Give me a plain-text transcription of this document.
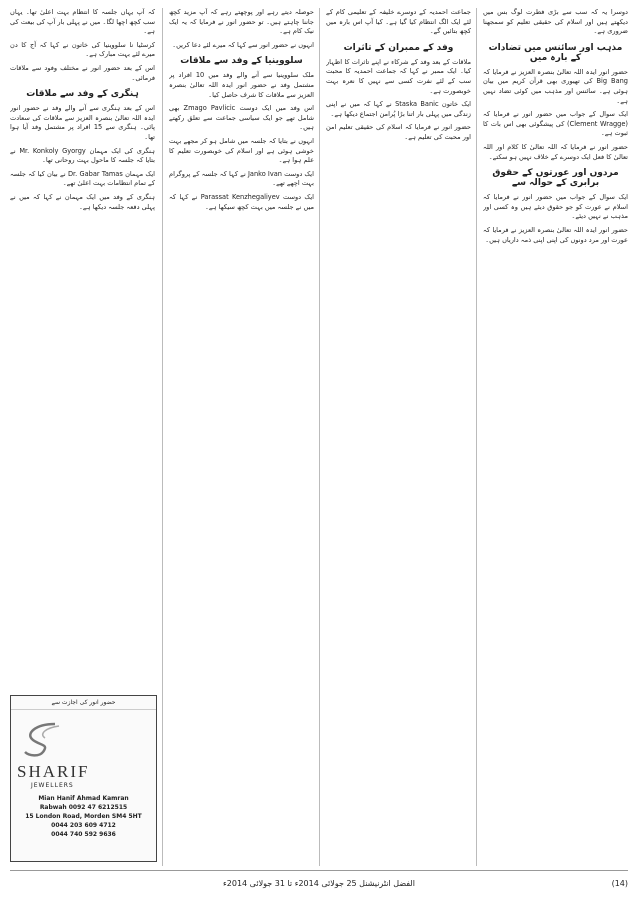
دوسرا یہ کہ سب سے بڑی فطرت لوگ بس میں دیکھتے ہیں اور اسلام کی حقیقی تعلیم کو سمجھنا ضروری ہے۔

مذہب اور سائنس میں تضادات کے بارہ میں

حضور انور ایدہ اللہ تعالیٰ بنصرہ العزیز نے فرمایا کہ Big Bang کی تھیوری بھی قرآن کریم میں بیان ہوئی ہے۔ سائنس اور مذہب میں کوئی تضاد نہیں ہے۔

ایک سوال کے جواب میں حضور انور نے فرمایا کہ (Clement Wragge) کی پیشگوئی بھی اس بات کا ثبوت ہے۔

حضور انور نے فرمایا کہ اللہ تعالیٰ کا کلام اور اللہ تعالیٰ کا فعل ایک دوسرے کے خلاف نہیں ہو سکتے۔

مردوں اور عورتوں کے حقوق برابری کے حوالہ سے

ایک سوال کے جواب میں حضور انور نے فرمایا کہ اسلام نے عورت کو جو حقوق دیئے ہیں وہ کسی اور مذہب نے نہیں دیئے۔

حضور انور ایدہ اللہ تعالیٰ بنصرہ العزیز نے فرمایا کہ عورت اور مرد دونوں کی اپنی اپنی ذمہ داریاں ہیں۔

جماعت احمدیہ کے دوسرے خلیفہ کے تعلیمی کام کے لئے ایک الگ انتظام کیا گیا ہے۔ کیا آپ اس بارہ میں کچھ بتائیں گے۔

وفد کے ممبران کے تاثرات

ملاقات کے بعد وفد کے شرکاء نے اپنے تاثرات کا اظہار کیا۔ ایک ممبر نے کہا کہ جماعت احمدیہ کا محبت سب کے لئے نفرت کسی سے نہیں کا نعرہ بہت خوبصورت ہے۔

ایک خاتون Staska Banic نے کہا کہ میں نے اپنی زندگی میں پہلی بار اتنا بڑا پُرامن اجتماع دیکھا ہے۔

حضور انور نے فرمایا کہ اسلام کی حقیقی تعلیم امن اور محبت کی تعلیم ہے۔

حوصلہ دیتے رہے اور پوچھتے رہے کہ آپ مزید کچھ جاننا چاہتے ہیں۔ تو حضور انور نے فرمایا کہ یہ ایک نیک کام ہے۔

انہوں نے حضور انور سے کہا کہ میرے لئے دعا کریں۔

سلووینیا کے وفد سے ملاقات

ملک سلووینیا سے آنے والے وفد میں 10 افراد پر مشتمل وفد نے حضور انور ایدہ اللہ تعالیٰ بنصرہ العزیز سے ملاقات کا شرف حاصل کیا۔

اس وفد میں ایک دوست Zmago Pavlicic بھی شامل تھے جو ایک سیاسی جماعت سے تعلق رکھتے ہیں۔

انہوں نے بتایا کہ جلسہ میں شامل ہو کر مجھے بہت خوشی ہوئی ہے اور اسلام کی خوبصورت تعلیم کا علم ہوا ہے۔

ایک دوست Janko Ivan نے کہا کہ جلسہ کے پروگرام بہت اچھے تھے۔

ایک دوست Parassat Kenzhegaliyev نے کہا کہ میں نے جلسہ میں بہت کچھ سیکھا ہے۔

کہ آپ یہاں جلسہ کا انتظام بہت اعلیٰ تھا۔ یہاں سب کچھ اچھا لگا۔ میں نے پہلی بار آپ کی بیعت کی ہے۔

کرسٹیا نا سلووینیا کی خاتون نے کہا کہ آج کا دن میرے لئے بہت مبارک ہے۔

اس کے بعد حضور انور نے مختلف وفود سے ملاقات فرمائی۔

ہنگری کے وفد سے ملاقات

اس کے بعد ہنگری سے آنے والے وفد نے حضور انور ایدہ اللہ تعالیٰ بنصرہ العزیز سے ملاقات کی سعادت پائی۔ ہنگری سے 15 افراد پر مشتمل وفد آیا ہوا تھا۔

ہنگری کی ایک مہمان Mr. Konkoly Gyorgy نے بتایا کہ جلسہ کا ماحول بہت روحانی تھا۔

ایک مہمان Dr. Gabar Tamas نے بیان کیا کہ جلسہ کے تمام انتظامات بہت اعلیٰ تھے۔

ہنگری کے وفد میں ایک مہمان نے کہا کہ میں نے پہلی دفعہ جلسہ دیکھا ہے۔

حضور انور کی اجازت سے
SHARIF
JEWELLERS
Mian Hanif Ahmad Kamran
Rabwah 0092 47 6212515
15 London Road, Morden SM4 5HT
0044 203 609 4712
0044 740 592 9636
الفضل انٹرنیشنل 25 جولائی 2014ء تا 31 جولائی 2014ء	(14)
